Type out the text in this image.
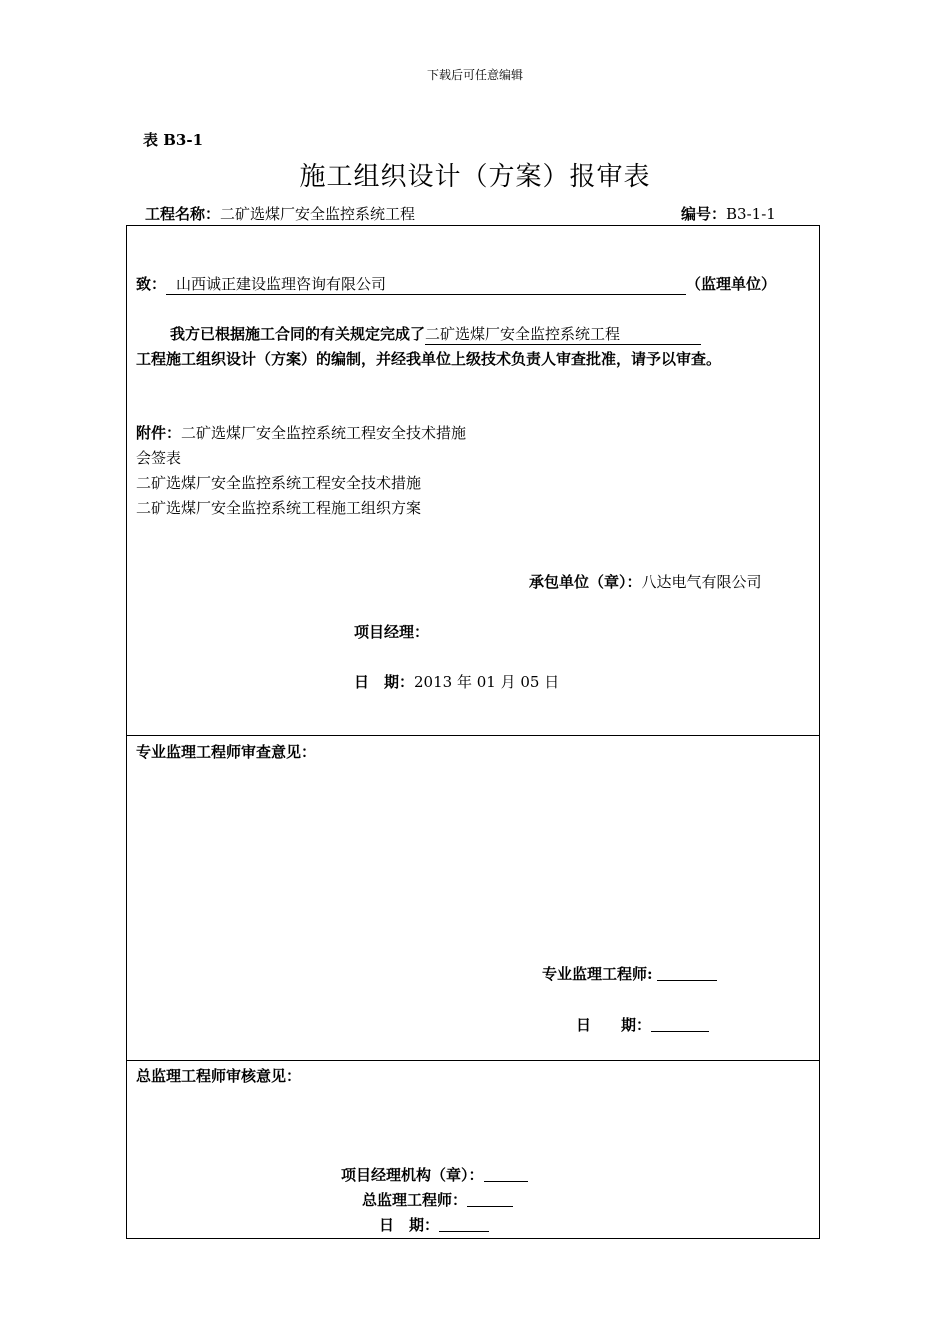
下载后可任意编辑
表 B3-1
施工组织设计（方案）报审表
工程名称：二矿选煤厂安全监控系统工程	编号：B3-1-1
致： 山西诚正建设监理咨询有限公司	（监理单位）
我方已根据施工合同的有关规定完成了二矿选煤厂安全监控系统工程
工程施工组织设计（方案）的编制，并经我单位上级技术负责人审查批准，请予以审查。
附件：二矿选煤厂安全监控系统工程安全技术措施
会签表
二矿选煤厂安全监控系统工程安全技术措施
二矿选煤厂安全监控系统工程施工组织方案
承包单位（章）：八达电气有限公司
项目经理：
日　期：2013 年 01 月 05 日
专业监理工程师审查意见：
专业监理工程师:
日　　期：
总监理工程师审核意见：
项目经理机构（章）：
总监理工程师：
日　期：
